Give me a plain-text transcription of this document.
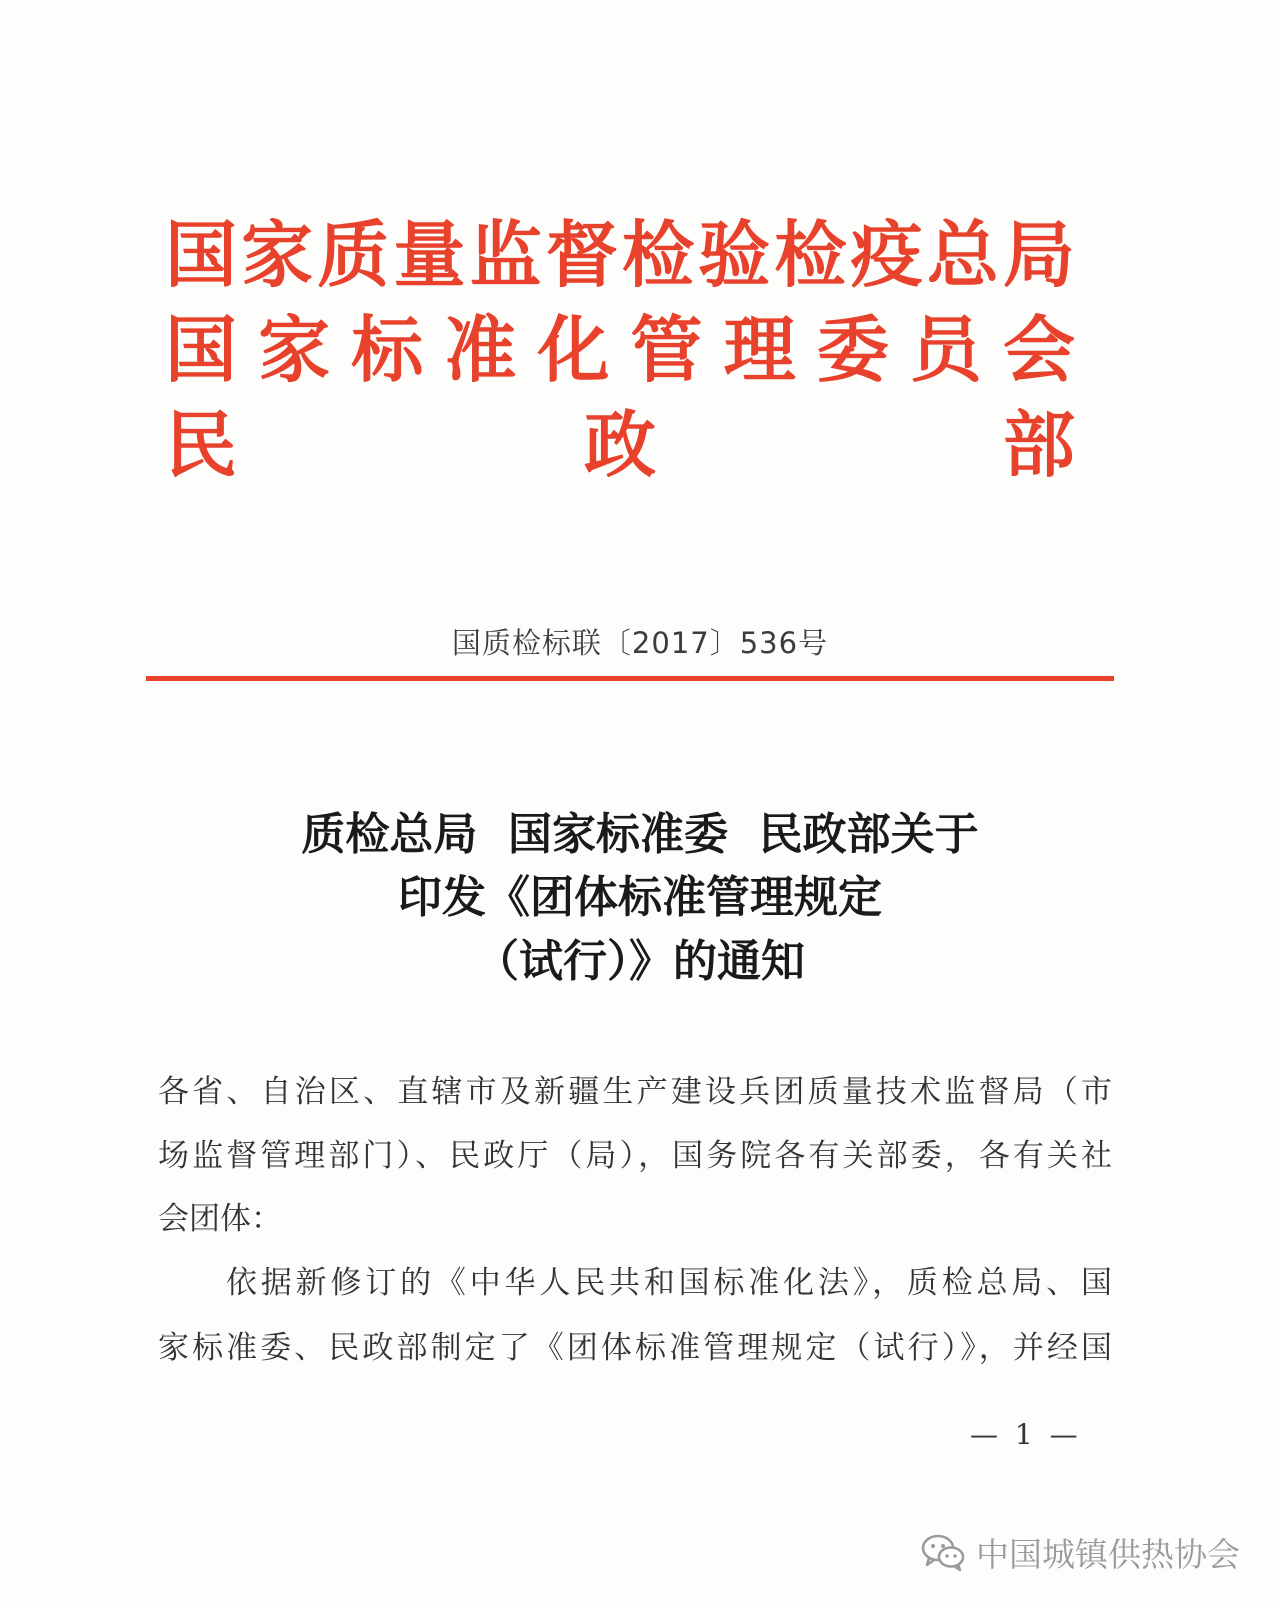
国 家 质 量 监 督 检 验 检 疫 总 局
国 家 标 准 化 管 理 委 员 会
民	政	部
国质检标联〔2017〕536号
质检总局  国家标准委  民政部关于
印发《团体标准管理规定
（试行）》的通知
各省、自治区、直辖市及新疆生产建设兵团质量技术监督局（市
场监督管理部门）、民政厅（局），国务院各有关部委，各有关社
会团体：
依据新修订的《中华人民共和国标准化法》，质检总局、国
家标准委、民政部制定了《团体标准管理规定（试行）》，并经国
— 1 —
中国城镇供热协会
